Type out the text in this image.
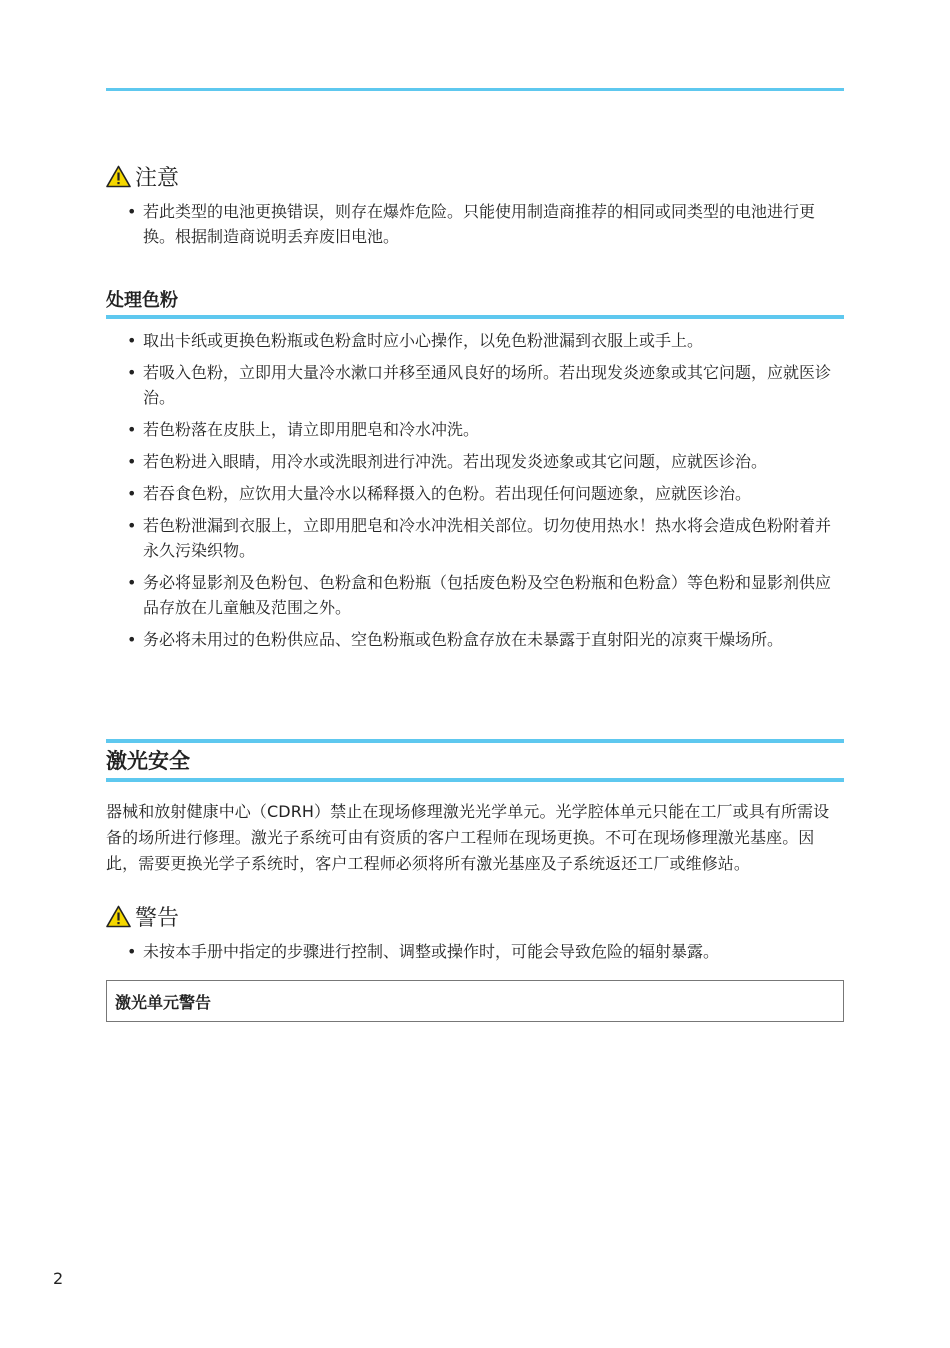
注意
• 若此类型的电池更换错误，则存在爆炸危险。只能使用制造商推荐的相同或同类型的电池进行更换。根据制造商说明丢弃废旧电池。
处理色粉
• 取出卡纸或更换色粉瓶或色粉盒时应小心操作，以免色粉泄漏到衣服上或手上。
• 若吸入色粉，立即用大量冷水漱口并移至通风良好的场所。若出现发炎迹象或其它问题，应就医诊治。
• 若色粉落在皮肤上，请立即用肥皂和冷水冲洗。
• 若色粉进入眼睛，用冷水或洗眼剂进行冲洗。若出现发炎迹象或其它问题，应就医诊治。
• 若吞食色粉，应饮用大量冷水以稀释摄入的色粉。若出现任何问题迹象，应就医诊治。
• 若色粉泄漏到衣服上，立即用肥皂和冷水冲洗相关部位。切勿使用热水！热水将会造成色粉附着并永久污染织物。
• 务必将显影剂及色粉包、色粉盒和色粉瓶（包括废色粉及空色粉瓶和色粉盒）等色粉和显影剂供应品存放在儿童触及范围之外。
• 务必将未用过的色粉供应品、空色粉瓶或色粉盒存放在未暴露于直射阳光的凉爽干燥场所。
激光安全
器械和放射健康中心（CDRH）禁止在现场修理激光光学单元。光学腔体单元只能在工厂或具有所需设备的场所进行修理。激光子系统可由有资质的客户工程师在现场更换。不可在现场修理激光基座。因此，需要更换光学子系统时，客户工程师必须将所有激光基座及子系统返还工厂或维修站。
警告
• 未按本手册中指定的步骤进行控制、调整或操作时，可能会导致危险的辐射暴露。
激光单元警告
2
